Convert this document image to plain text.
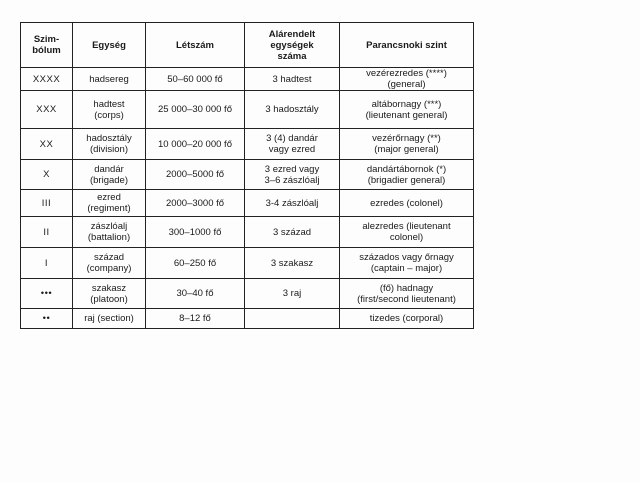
Szim-
bólum	Egység	Létszám	Alárendelt
egységek
száma	Parancsnoki szint
XXXX	hadsereg	50–60 000 fő	3 hadtest	vezérezredes (****)
(general)

XXX	hadtest
(corps)	25 000–30 000 fő	3 hadosztály	altábornagy (***)
(lieutenant general)

XX	hadosztály
(division)	10 000–20 000 fő	3 (4) dandár
vagy ezred	vezérőrnagy (**)
(major general)

X	dandár
(brigade)	2000–5000 fő	3 ezred vagy
3–6 zászlóalj	dandártábornok (*)
(brigadier general)

III	ezred
(regiment)	2000–3000 fő	3-4 zászlóalj	ezredes (colonel)

II	zászlóalj
(battalion)	300–1000 fő	3 század	alezredes (lieutenant
colonel)

I	század
(company)	60–250 fő	3 szakasz	százados vagy őrnagy
(captain – major)

•••	szakasz
(platoon)	30–40 fő	3 raj	(fő) hadnagy
(first/second lieutenant)

••	raj (section)	8–12 fő		tizedes (corporal)
